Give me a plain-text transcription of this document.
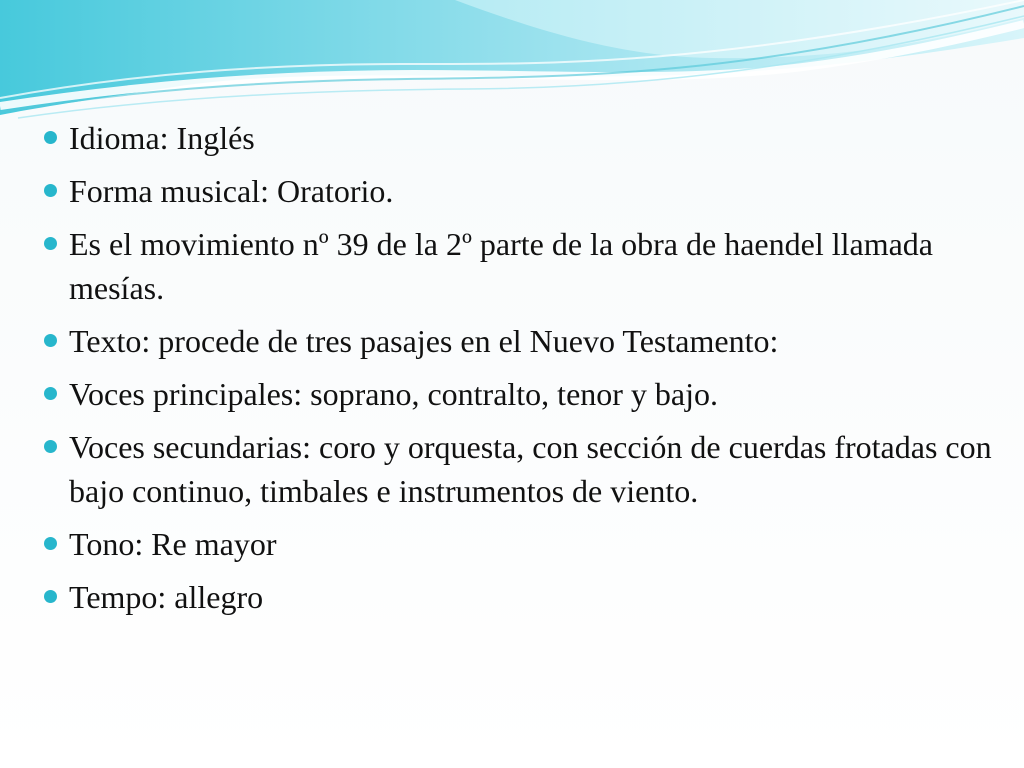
Idioma: Inglés
Forma musical: Oratorio.
Es el movimiento nº 39 de la 2º parte de la obra de haendel llamada mesías.
Texto: procede de tres pasajes en el Nuevo Testamento:
Voces principales: soprano, contralto, tenor y bajo.
Voces secundarias: coro y orquesta, con sección de cuerdas frotadas con bajo continuo, timbales e instrumentos de viento.
Tono: Re mayor
Tempo: allegro
